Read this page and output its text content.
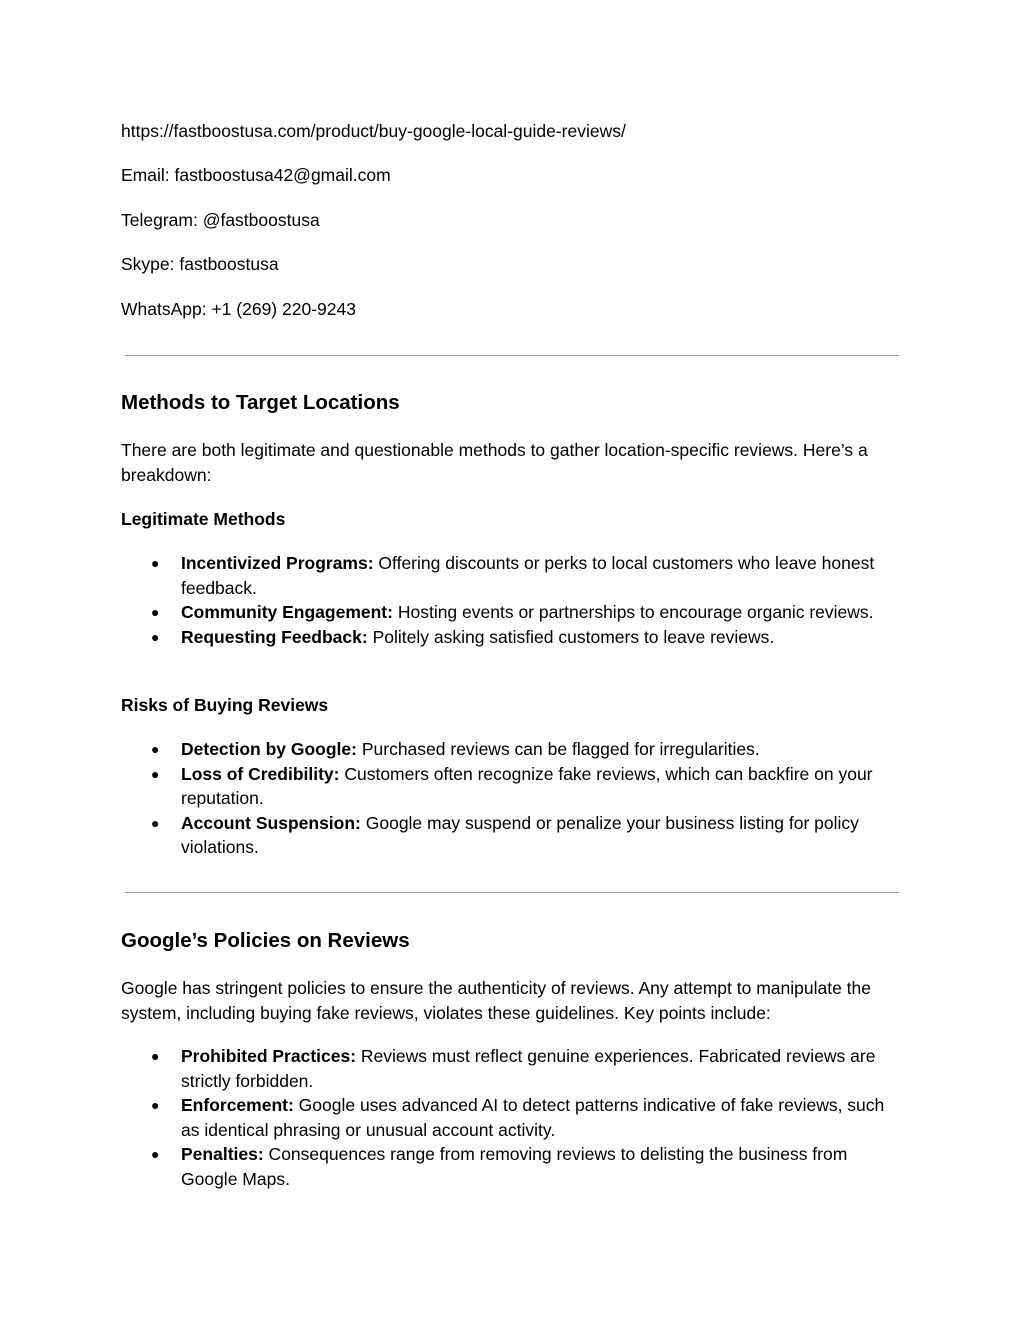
https://fastboostusa.com/product/buy-google-local-guide-reviews/
Email: fastboostusa42@gmail.com
Telegram: @fastboostusa
Skype: fastboostusa
WhatsApp: +1 (269) 220-9243
Methods to Target Locations
There are both legitimate and questionable methods to gather location-specific reviews. Here’s a breakdown:
Legitimate Methods
● Incentivized Programs: Offering discounts or perks to local customers who leave honest feedback.
● Community Engagement: Hosting events or partnerships to encourage organic reviews.
● Requesting Feedback: Politely asking satisfied customers to leave reviews.
Risks of Buying Reviews
● Detection by Google: Purchased reviews can be flagged for irregularities.
● Loss of Credibility: Customers often recognize fake reviews, which can backfire on your reputation.
● Account Suspension: Google may suspend or penalize your business listing for policy violations.
Google’s Policies on Reviews
Google has stringent policies to ensure the authenticity of reviews. Any attempt to manipulate the system, including buying fake reviews, violates these guidelines. Key points include:
● Prohibited Practices: Reviews must reflect genuine experiences. Fabricated reviews are strictly forbidden.
● Enforcement: Google uses advanced AI to detect patterns indicative of fake reviews, such as identical phrasing or unusual account activity.
● Penalties: Consequences range from removing reviews to delisting the business from Google Maps.
